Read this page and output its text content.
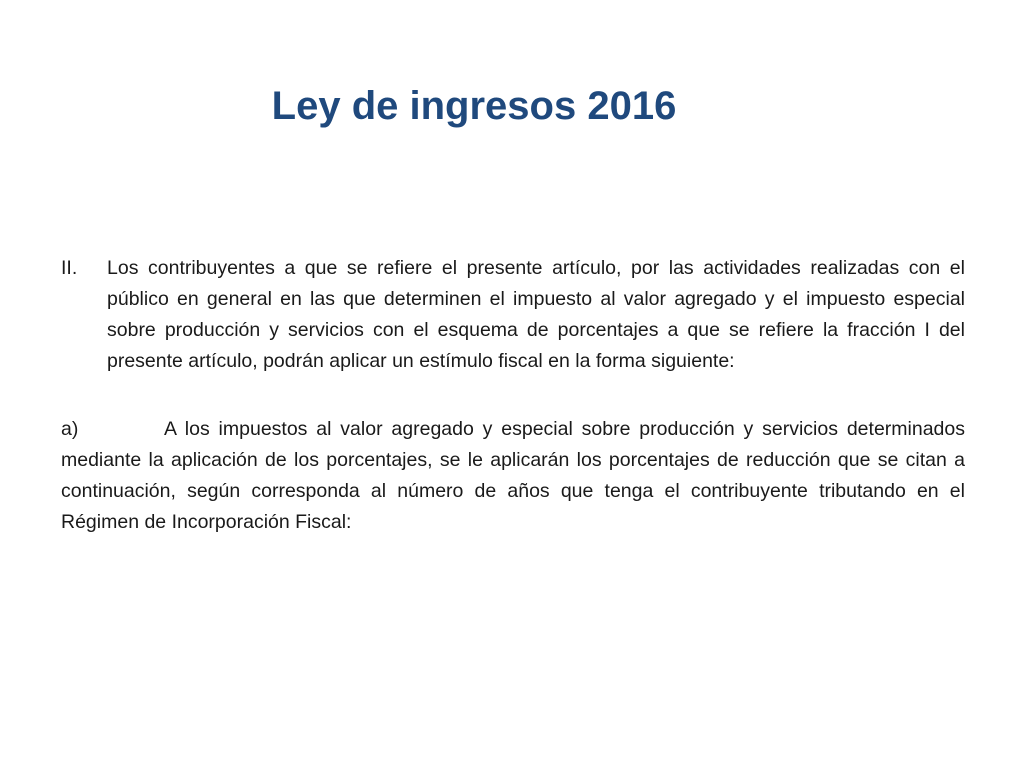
Ley de ingresos 2016
II.	Los contribuyentes a que se refiere el presente artículo, por las actividades realizadas con el público en general en las que determinen el impuesto al valor agregado y el impuesto especial sobre producción y servicios con el esquema de porcentajes a que se refiere la fracción I del presente artículo, podrán aplicar un estímulo fiscal en la forma siguiente:

a)	A los impuestos al valor agregado y especial sobre producción y servicios determinados mediante la aplicación de los porcentajes, se le aplicarán los porcentajes de reducción que se citan a continuación, según corresponda al número de años que tenga el contribuyente tributando en el Régimen de Incorporación Fiscal:
